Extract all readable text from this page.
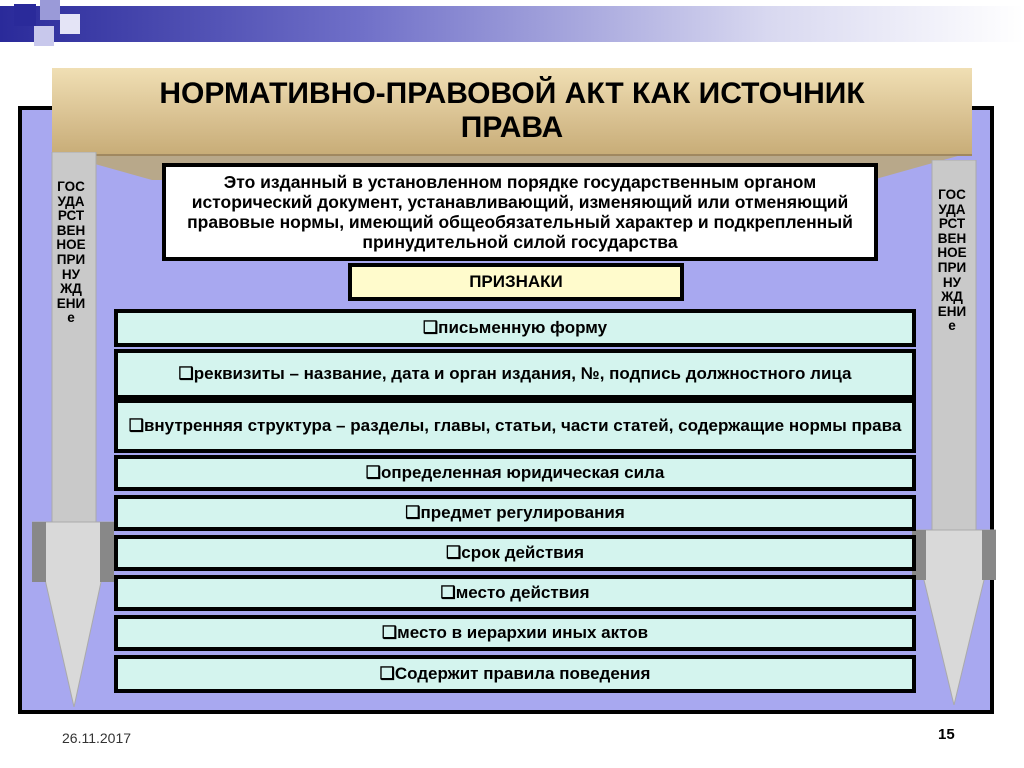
НОРМАТИВНО-ПРАВОВОЙ АКТ КАК ИСТОЧНИК ПРАВА
ГОСУДАРСТВЕННОЕ ПРИНУЖДЕНИе
ГОСУДАРСТВЕННОЕ ПРИНУЖДЕНИе
Это изданный в установленном порядке государственным органом исторический документ, устанавливающий, изменяющий или отменяющий правовые нормы, имеющий общеобязательный характер и подкрепленный принудительной силой государства
ПРИЗНАКИ
❑ письменную форму
❑реквизиты – название, дата и орган издания, №, подпись должностного лица
❑внутренняя структура – разделы, главы, статьи, части статей, содержащие нормы права
❑ определенная юридическая сила
❑ предмет регулирования
❑ срок действия
❑ место действия
❑ место в иерархии иных актов
❑ Содержит правила поведения
26.11.2017	15
